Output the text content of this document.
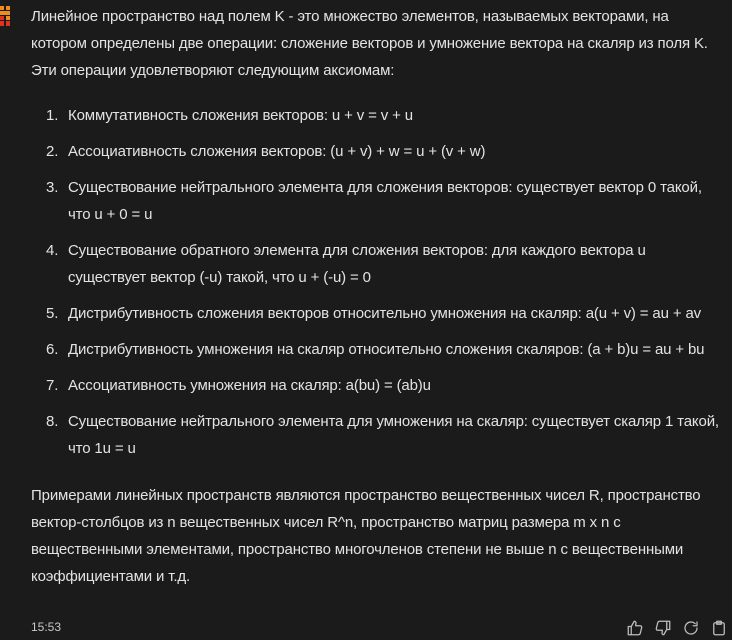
Линейное пространство над полем K - это множество элементов, называемых векторами, на котором определены две операции: сложение векторов и умножение вектора на скаляр из поля K. Эти операции удовлетворяют следующим аксиомам:

1. Коммутативность сложения векторов: u + v = v + u
2. Ассоциативность сложения векторов: (u + v) + w = u + (v + w)
3. Существование нейтрального элемента для сложения векторов: существует вектор 0 такой, что u + 0 = u
4. Существование обратного элемента для сложения векторов: для каждого вектора u существует вектор (-u) такой, что u + (-u) = 0
5. Дистрибутивность сложения векторов относительно умножения на скаляр: a(u + v) = au + av
6. Дистрибутивность умножения на скаляр относительно сложения скаляров: (a + b)u = au + bu
7. Ассоциативность умножения на скаляр: a(bu) = (ab)u
8. Существование нейтрального элемента для умножения на скаляр: существует скаляр 1 такой, что 1u = u

Примерами линейных пространств являются пространство вещественных чисел R, пространство вектор-столбцов из n вещественных чисел R^n, пространство матриц размера m x n с вещественными элементами, пространство многочленов степени не выше n с вещественными коэффициентами и т.д.

15:53
